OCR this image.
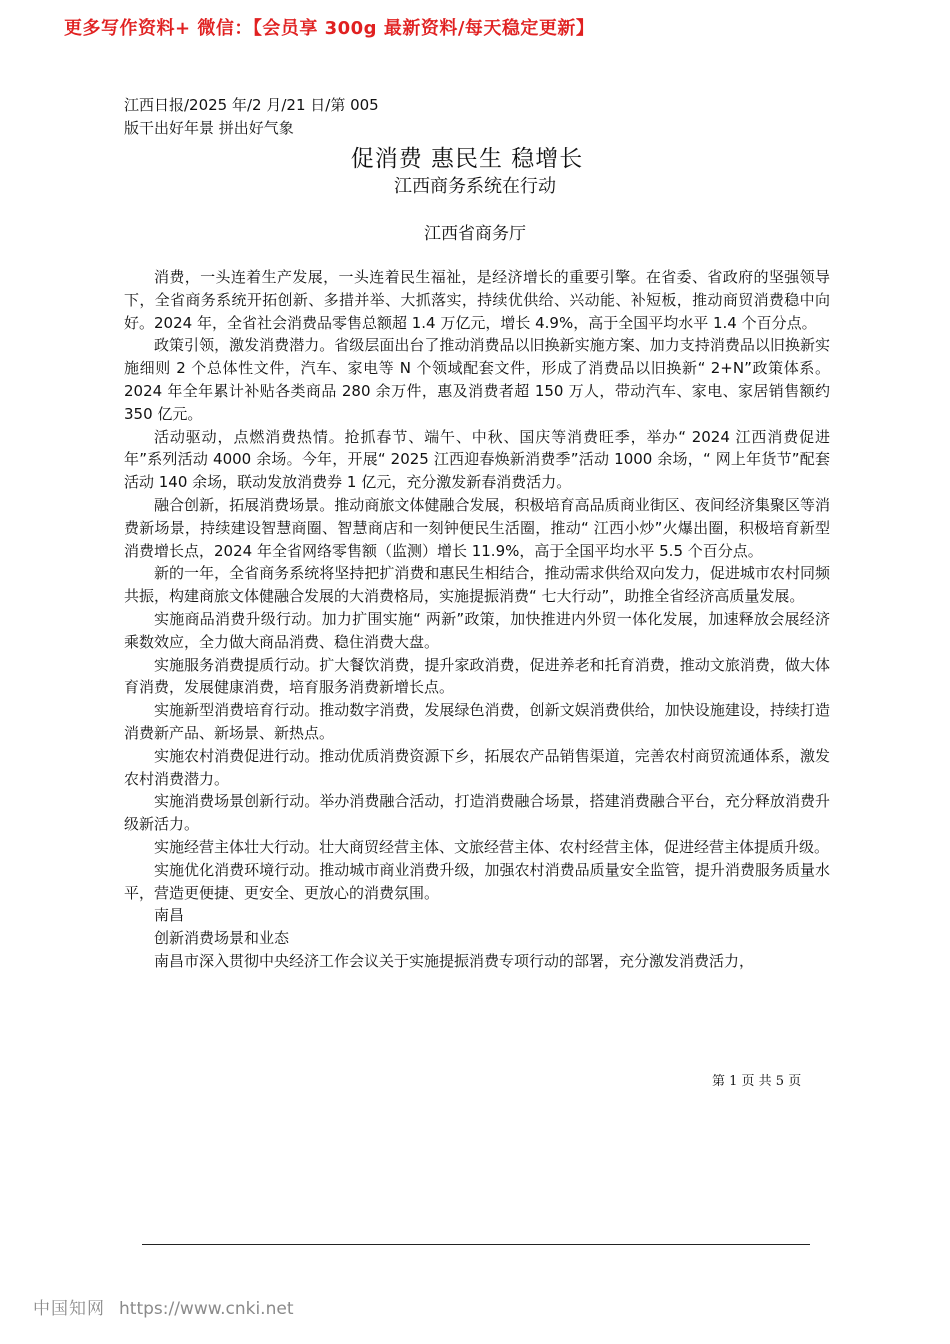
更多写作资料+ 微信：【会员享 300g 最新资料/每天稳定更新】
江西日报/2025 年/2 月/21 日/第 005
版干出好年景 拼出好气象
促消费 惠民生 稳增长
江西商务系统在行动
江西省商务厅

消费，一头连着生产发展，一头连着民生福祉，是经济增长的重要引擎。在省委、省政府的坚强领导下，全省商务系统开拓创新、多措并举、大抓落实，持续优供给、兴动能、补短板，推动商贸消费稳中向好。2024 年，全省社会消费品零售总额超 1.4 万亿元，增长 4.9%，高于全国平均水平 1.4 个百分点。

政策引领，激发消费潜力。省级层面出台了推动消费品以旧换新实施方案、加力支持消费品以旧换新实施细则 2 个总体性文件，汽车、家电等 N 个领域配套文件，形成了消费品以旧换新“ 2+N”政策体系。2024 年全年累计补贴各类商品 280 余万件，惠及消费者超 150 万人，带动汽车、家电、家居销售额约 350 亿元。

活动驱动，点燃消费热情。抢抓春节、端午、中秋、国庆等消费旺季，举办“ 2024 江西消费促进年”系列活动 4000 余场。今年，开展“ 2025 江西迎春焕新消费季”活动 1000 余场，“ 网上年货节”配套活动 140 余场，联动发放消费券 1 亿元，充分激发新春消费活力。

融合创新，拓展消费场景。推动商旅文体健融合发展，积极培育高品质商业街区、夜间经济集聚区等消费新场景，持续建设智慧商圈、智慧商店和一刻钟便民生活圈，推动“ 江西小炒”火爆出圈，积极培育新型消费增长点，2024 年全省网络零售额（监测）增长 11.9%，高于全国平均水平 5.5 个百分点。

新的一年，全省商务系统将坚持把扩消费和惠民生相结合，推动需求供给双向发力，促进城市农村同频共振，构建商旅文体健融合发展的大消费格局，实施提振消费“ 七大行动”，助推全省经济高质量发展。

实施商品消费升级行动。加力扩围实施“ 两新”政策，加快推进内外贸一体化发展，加速释放会展经济乘数效应，全力做大商品消费、稳住消费大盘。

实施服务消费提质行动。扩大餐饮消费，提升家政消费，促进养老和托育消费，推动文旅消费，做大体育消费，发展健康消费，培育服务消费新增长点。

实施新型消费培育行动。推动数字消费，发展绿色消费，创新文娱消费供给，加快设施建设，持续打造消费新产品、新场景、新热点。

实施农村消费促进行动。推动优质消费资源下乡，拓展农产品销售渠道，完善农村商贸流通体系，激发农村消费潜力。

实施消费场景创新行动。举办消费融合活动，打造消费融合场景，搭建消费融合平台，充分释放消费升级新活力。

实施经营主体壮大行动。壮大商贸经营主体、文旅经营主体、农村经营主体，促进经营主体提质升级。

实施优化消费环境行动。推动城市商业消费升级，加强农村消费品质量安全监管，提升消费服务质量水平，营造更便捷、更安全、更放心的消费氛围。

南昌

创新消费场景和业态

南昌市深入贯彻中央经济工作会议关于实施提振消费专项行动的部署，充分激发消费活力，

第 1 页 共 5 页
中国知网 https://www.cnki.net
